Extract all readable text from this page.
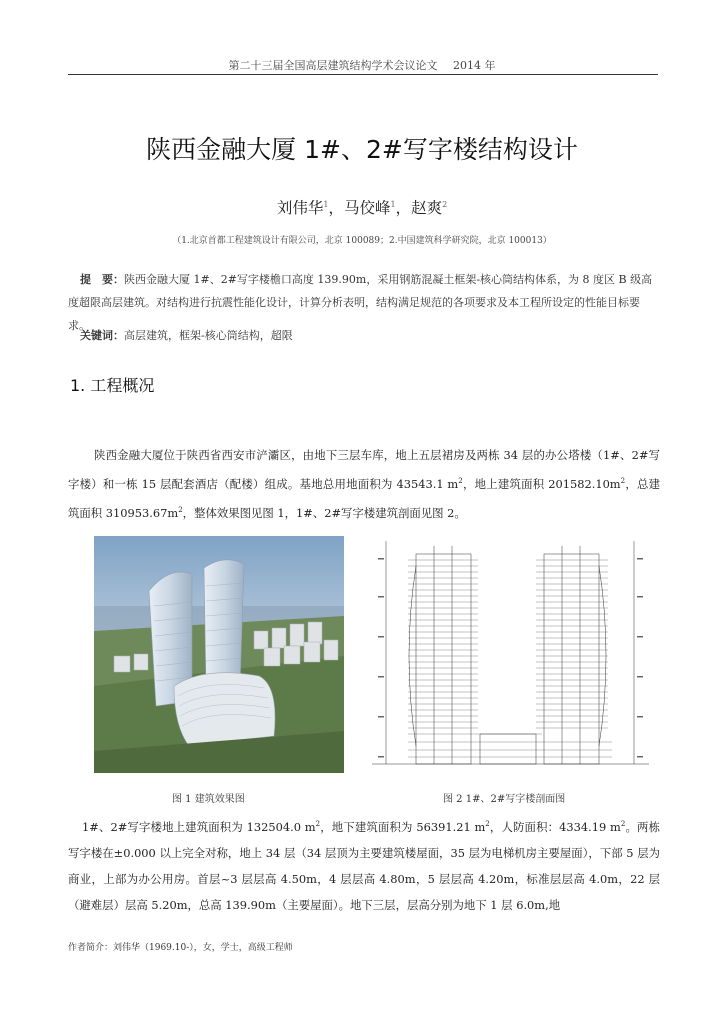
第二十三届全国高层建筑结构学术会议论文 2014 年
陕西金融大厦 1#、2#写字楼结构设计
刘伟华$^1$，马佼峰$^1$，赵爽$^2$
（1.北京首都工程建筑设计有限公司，北京 100089；2.中国建筑科学研究院，北京 100013）
提　要：陕西金融大厦 1#、2#写字楼檐口高度 139.90m，采用钢筋混凝土框架-核心筒结构体系，为 8 度区 B 级高度超限高层建筑。对结构进行抗震性能化设计，计算分析表明，结构满足规范的各项要求及本工程所设定的性能目标要求。
关键词：高层建筑，框架-核心筒结构，超限
1. 工程概况
陕西金融大厦位于陕西省西安市浐灞区，由地下三层车库，地上五层裙房及两栋 34 层的办公塔楼（1#、2#写字楼）和一栋 15 层配套酒店（配楼）组成。基地总用地面积为 43543.1 $m^2$，地上建筑面积 $201582.10m^2$，总建筑面积 $310953.67m^2$，整体效果图见图 1，1#、2#写字楼建筑剖面见图 2。
图 1 建筑效果图	图 2 1#、2#写字楼剖面图
1#、2#写字楼地上建筑面积为 132504.0 $m^2$，地下建筑面积为 56391.21 $m^2$，人防面积：4334.19 $m^2$。两栋写字楼在±0.000 以上完全对称，地上 34 层（34 层顶为主要建筑楼屋面，35 层为电梯机房主要屋面），下部 5 层为商业，上部为办公用房。首层~3 层层高 4.50m，4 层层高 4.80m，5 层层高 4.20m，标准层层高 4.0m，22 层（避难层）层高 5.20m，总高 139.90m（主要屋面）。地下三层，层高分别为地下 1 层 6.0m,地
作者简介：刘伟华（1969.10-），女，学士，高级工程师
